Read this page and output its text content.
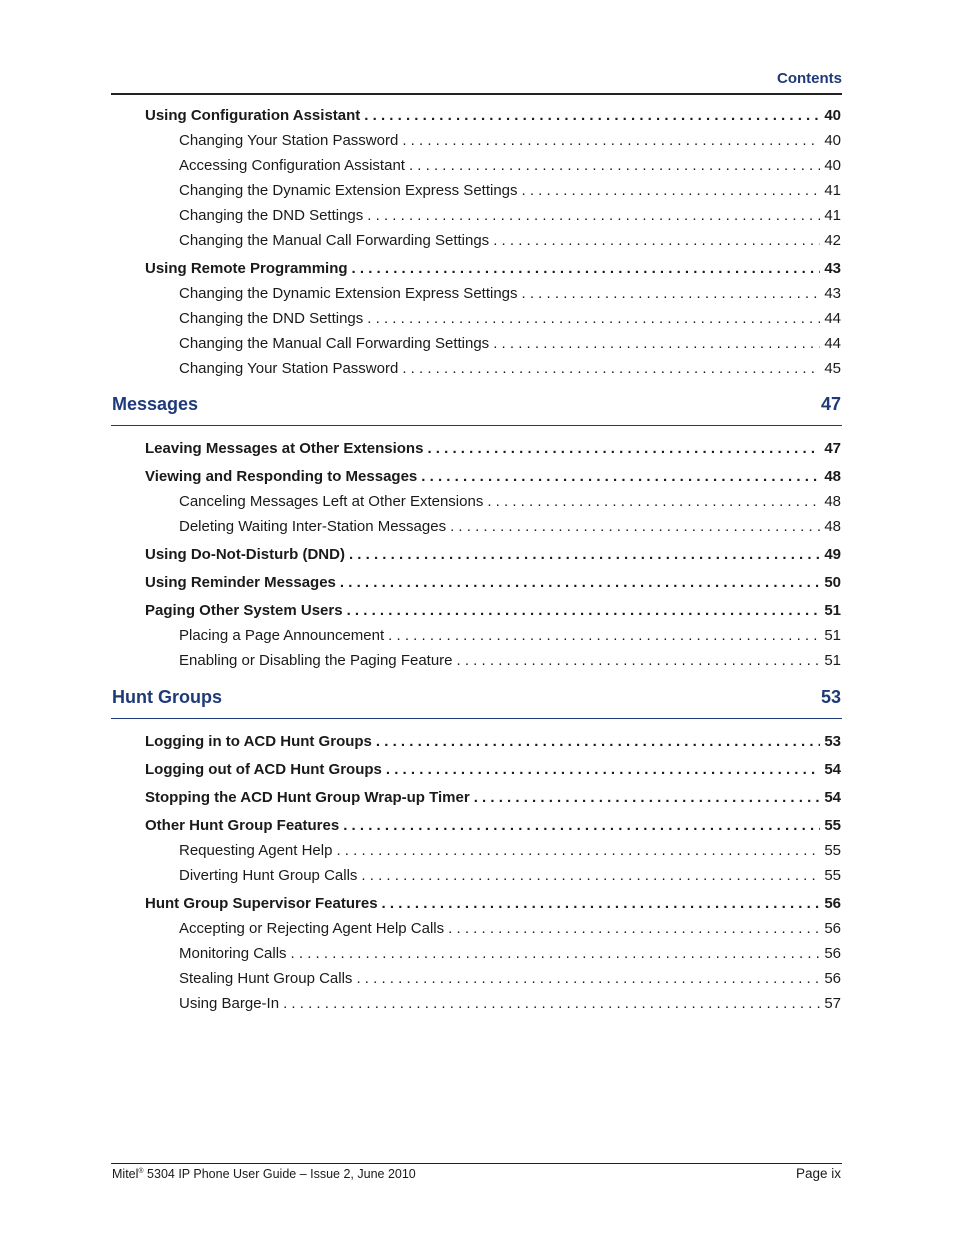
Contents
Using Configuration Assistant . . .	40
Changing Your Station Password . . .	40
Accessing Configuration Assistant . . .	40
Changing the Dynamic Extension Express Settings . . .	41
Changing the DND Settings . . .	41
Changing the Manual Call Forwarding Settings . . .	42
Using Remote Programming . . .	43
Changing the Dynamic Extension Express Settings . . .	43
Changing the DND Settings . . .	44
Changing the Manual Call Forwarding Settings . . .	44
Changing Your Station Password . . .	45
Messages	47
Leaving Messages at Other Extensions . . .	47
Viewing and Responding to Messages . . .	48
Canceling Messages Left at Other Extensions . . .	48
Deleting Waiting Inter-Station Messages . . .	48
Using Do-Not-Disturb (DND) . . .	49
Using Reminder Messages . . .	50
Paging Other System Users . . .	51
Placing a Page Announcement . . .	51
Enabling or Disabling the Paging Feature . . .	51
Hunt Groups	53
Logging in to ACD Hunt Groups . . .	53
Logging out of ACD Hunt Groups . . .	54
Stopping the ACD Hunt Group Wrap-up Timer . . .	54
Other Hunt Group Features . . .	55
Requesting Agent Help . . .	55
Diverting Hunt Group Calls . . .	55
Hunt Group Supervisor Features . . .	56
Accepting or Rejecting Agent Help Calls . . .	56
Monitoring Calls . . .	56
Stealing Hunt Group Calls . . .	56
Using Barge-In . . .	57
Mitel® 5304 IP Phone User Guide – Issue 2, June 2010	Page ix
